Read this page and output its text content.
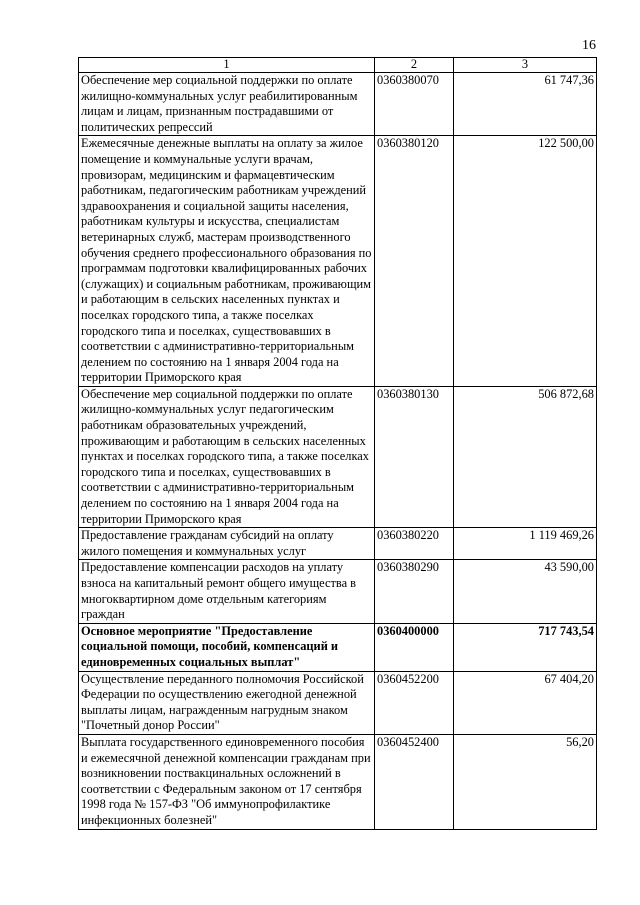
16
1	2	3
Обеспечение мер социальной поддержки по оплате жилищно-коммунальных услуг реабилитированным лицам и лицам, признанным пострадавшими от политических репрессий	0360380070	61 747,36
Ежемесячные денежные выплаты на оплату за жилое помещение и коммунальные услуги врачам, провизорам, медицинским и фармацевтическим работникам, педагогическим работникам учреждений здравоохранения и социальной защиты населения, работникам культуры и искусства, специалистам ветеринарных служб, мастерам производственного обучения среднего профессионального образования по программам подготовки квалифицированных рабочих (служащих) и социальным работникам, проживающим и работающим в сельских населенных пунктах и поселках городского типа, а также поселках городского типа и поселках, существовавших в соответствии с административно-территориальным делением по состоянию на 1 января 2004 года на территории Приморского края	0360380120	122 500,00
Обеспечение мер социальной поддержки по оплате жилищно-коммунальных услуг педагогическим работникам образовательных учреждений, проживающим и работающим в сельских населенных пунктах и поселках городского типа, а также поселках городского типа и поселках, существовавших в соответствии с административно-территориальным делением по состоянию на 1 января 2004 года на территории Приморского края	0360380130	506 872,68
Предоставление гражданам субсидий на оплату жилого помещения и коммунальных услуг	0360380220	1 119 469,26
Предоставление компенсации расходов на уплату взноса на капитальный ремонт общего имущества в многоквартирном доме отдельным категориям граждан	0360380290	43 590,00
Основное мероприятие "Предоставление социальной помощи, пособий, компенсаций и единовременных социальных выплат"	0360400000	717 743,54
Осуществление переданного полномочия Российской Федерации по осуществлению ежегодной денежной выплаты лицам, награжденным нагрудным знаком "Почетный донор России"	0360452200	67 404,20
Выплата государственного единовременного пособия и ежемесячной денежной компенсации гражданам при возникновении поствакцинальных осложнений в соответствии с Федеральным законом от 17 сентября 1998 года № 157-ФЗ "Об иммунопрофилактике инфекционных болезней"	0360452400	56,20
